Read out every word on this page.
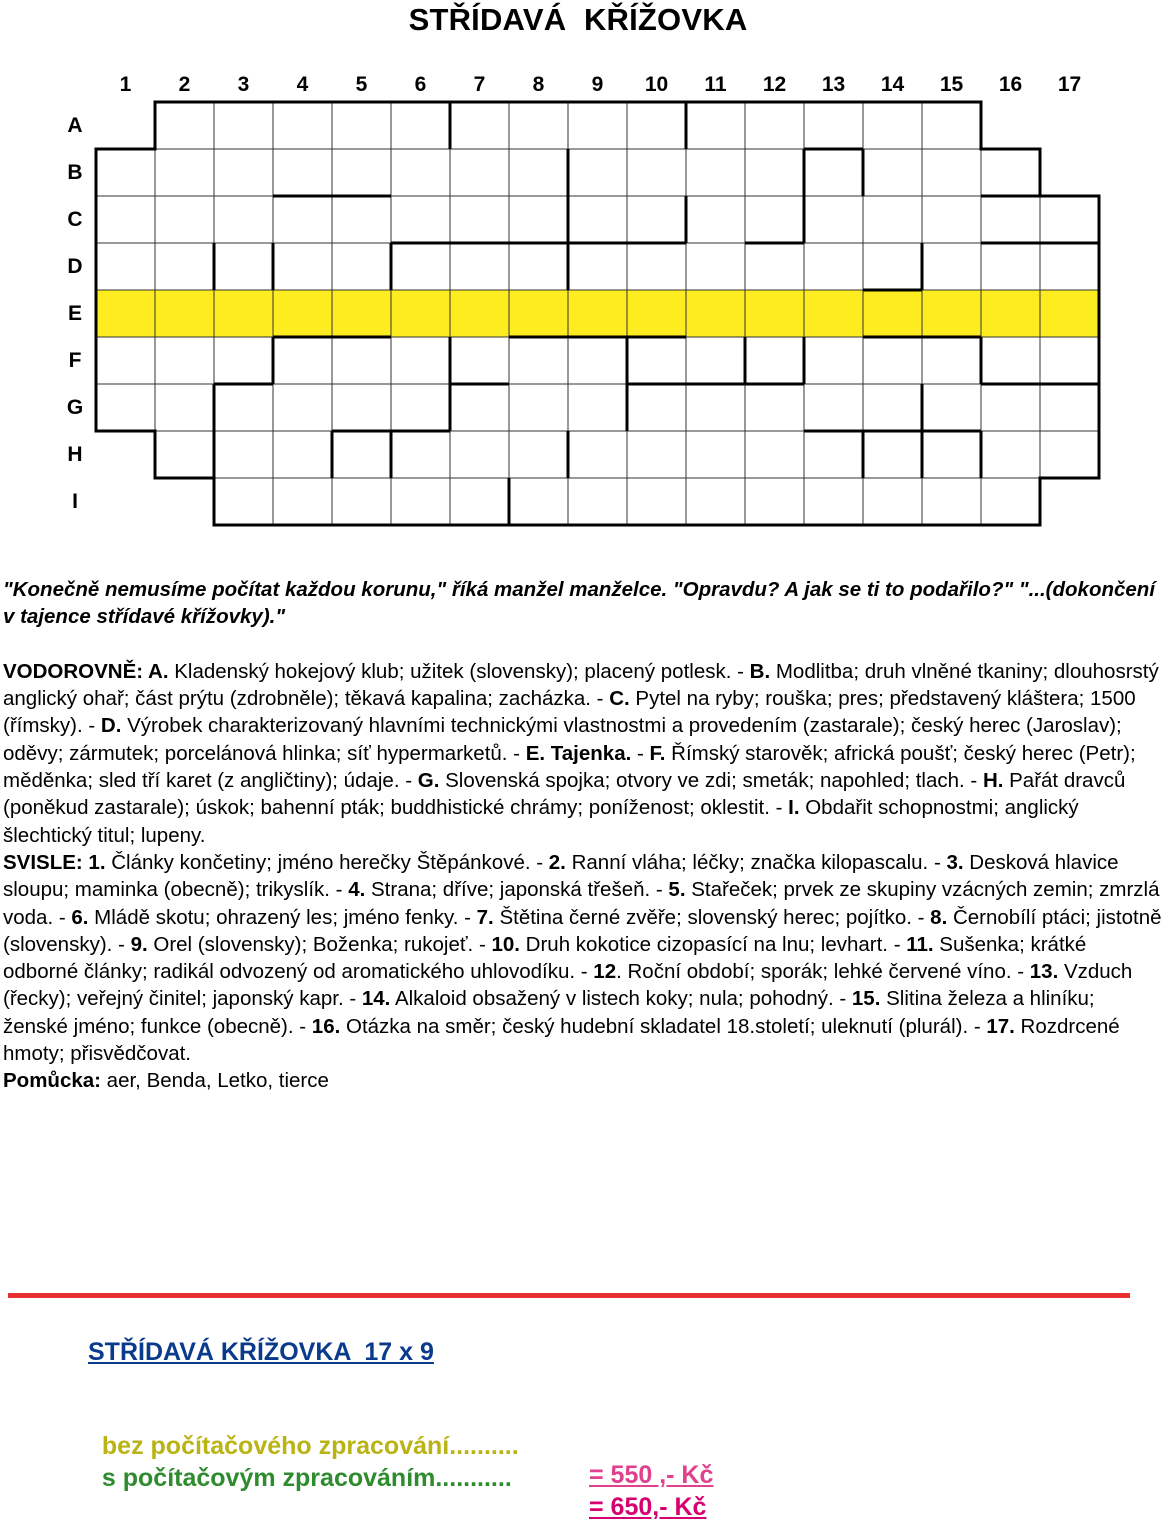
STŘÍDAVÁ  KŘÍŽOVKA
1	2	3	4	5	6	7	8	9	10	11	12	13	14	15	16	17
A
B
C
D
E
F
G
H
I

"Konečně nemusíme počítat každou korunu," říká manžel manželce. "Opravdu? A jak se ti to podařilo?" "...(dokončení v tajence střídavé křížovky)."

VODOROVNĚ: A. Kladenský hokejový klub; užitek (slovensky); placený potlesk. - B. Modlitba; druh vlněné tkaniny; dlouhosrstý anglický ohař; část prýtu (zdrobněle); těkavá kapalina; zacházka. - C. Pytel na ryby; rouška; pres; představený kláštera; 1500 (římsky). - D. Výrobek charakterizovaný hlavními technickými vlastnostmi a provedením (zastarale); český herec (Jaroslav); oděvy; zármutek; porcelánová hlinka; síť hypermarketů. - E. Tajenka. - F. Římský starověk; africká poušť; český herec (Petr); měděnka; sled tří karet (z angličtiny); údaje. - G. Slovenská spojka; otvory ve zdi; smeták; napohled; tlach. - H. Pařát dravců (poněkud zastarale); úskok; bahenní pták; buddhistické chrámy; poníženost; oklestit. - I. Obdařit schopnostmi; anglický šlechtický titul; lupeny.

SVISLE: 1. Články končetiny; jméno herečky Štěpánkové. - 2. Ranní vláha; léčky; značka kilopascalu. - 3. Desková hlavice sloupu; maminka (obecně); trikyslík. - 4. Strana; dříve; japonská třešeň. - 5. Stařeček; prvek ze skupiny vzácných zemin; zmrzlá voda. - 6. Mládě skotu; ohrazený les; jméno fenky. - 7. Štětina černé zvěře; slovenský herec; pojítko. - 8. Černobílí ptáci; jistotně (slovensky). - 9. Orel (slovensky); Boženka; rukojeť. - 10. Druh kokotice cizopasící na lnu; levhart. - 11. Sušenka; krátké odborné články; radikál odvozený od aromatického uhlovodíku. - 12. Roční období; sporák; lehké červené víno. - 13. Vzduch (řecky); veřejný činitel; japonský kapr. - 14. Alkaloid obsažený v listech koky; nula; pohodný. - 15. Slitina železa a hliníku; ženské jméno; funkce (obecně). - 16. Otázka na směr; český hudební skladatel 18.století; uleknutí (plurál). - 17. Rozdrcené hmoty; přisvědčovat.

Pomůcka: aer, Benda, Letko, tierce

STŘÍDAVÁ KŘÍŽOVKA  17 x 9

bez počítačového zpracování..........

= 550 ,- Kč

s počítačovým zpracováním...........

= 650,- Kč
